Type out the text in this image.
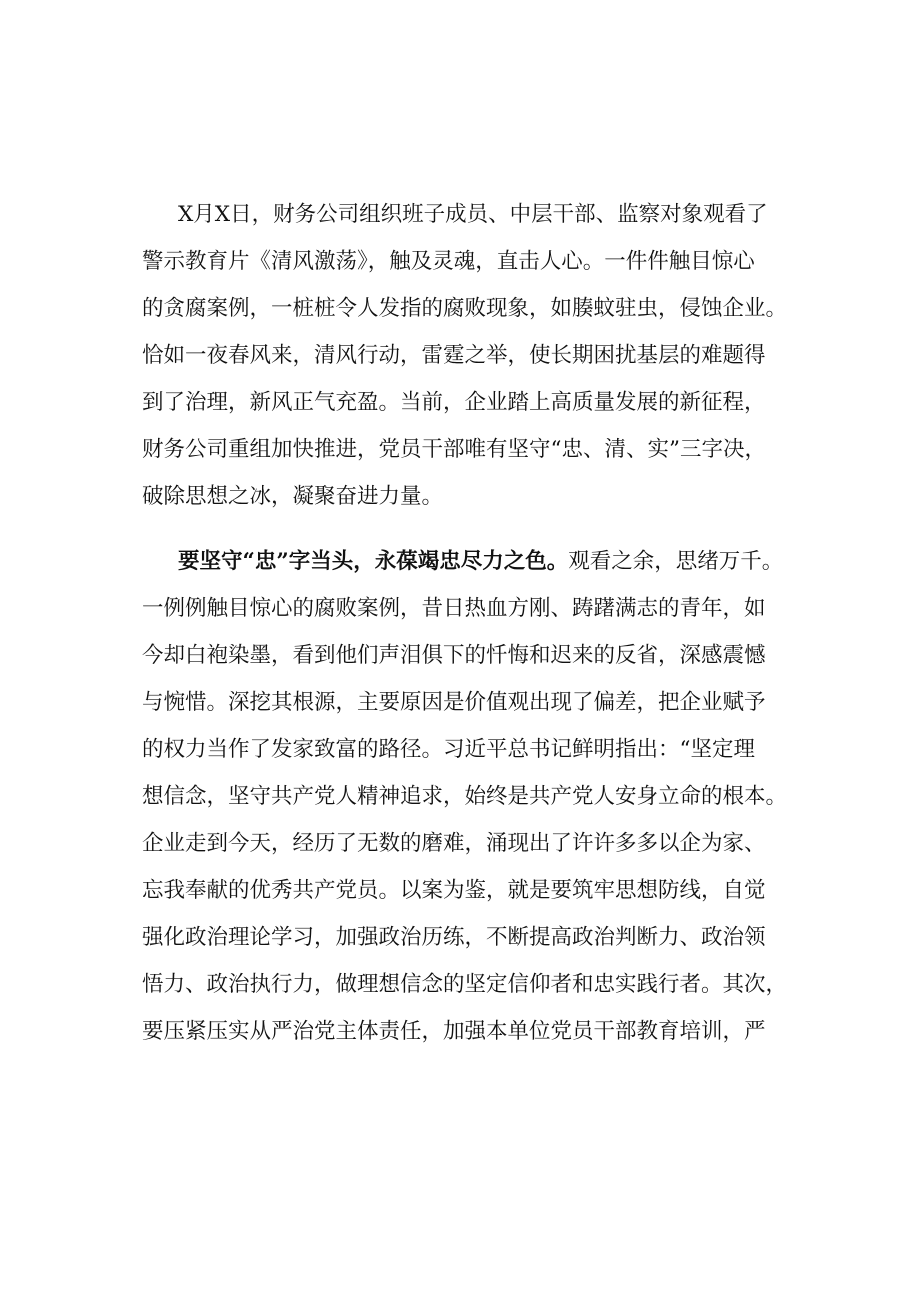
X月X日，财务公司组织班子成员、中层干部、监察对象观看了
警示教育片《清风激荡》，触及灵魂，直击人心。一件件触目惊心
的贪腐案例，一桩桩令人发指的腐败现象，如腠蚊驻虫，侵蚀企业。
恰如一夜春风来，清风行动，雷霆之举，使长期困扰基层的难题得
到了治理，新风正气充盈。当前，企业踏上高质量发展的新征程，
财务公司重组加快推进，党员干部唯有坚守“忠、清、实”三字决，
破除思想之冰，凝聚奋进力量。
要坚守“忠”字当头，永葆竭忠尽力之色。观看之余，思绪万千。
一例例触目惊心的腐败案例，昔日热血方刚、踌躇满志的青年，如
今却白袍染墨，看到他们声泪俱下的忏悔和迟来的反省，深感震憾
与惋惜。深挖其根源，主要原因是价值观出现了偏差，把企业赋予
的权力当作了发家致富的路径。习近平总书记鲜明指出：“坚定理
想信念，坚守共产党人精神追求，始终是共产党人安身立命的根本。
企业走到今天，经历了无数的磨难，涌现出了许许多多以企为家、
忘我奉献的优秀共产党员。以案为鉴，就是要筑牢思想防线，自觉
强化政治理论学习，加强政治历练，不断提高政治判断力、政治领
悟力、政治执行力，做理想信念的坚定信仰者和忠实践行者。其次，
要压紧压实从严治党主体责任，加强本单位党员干部教育培训，严
